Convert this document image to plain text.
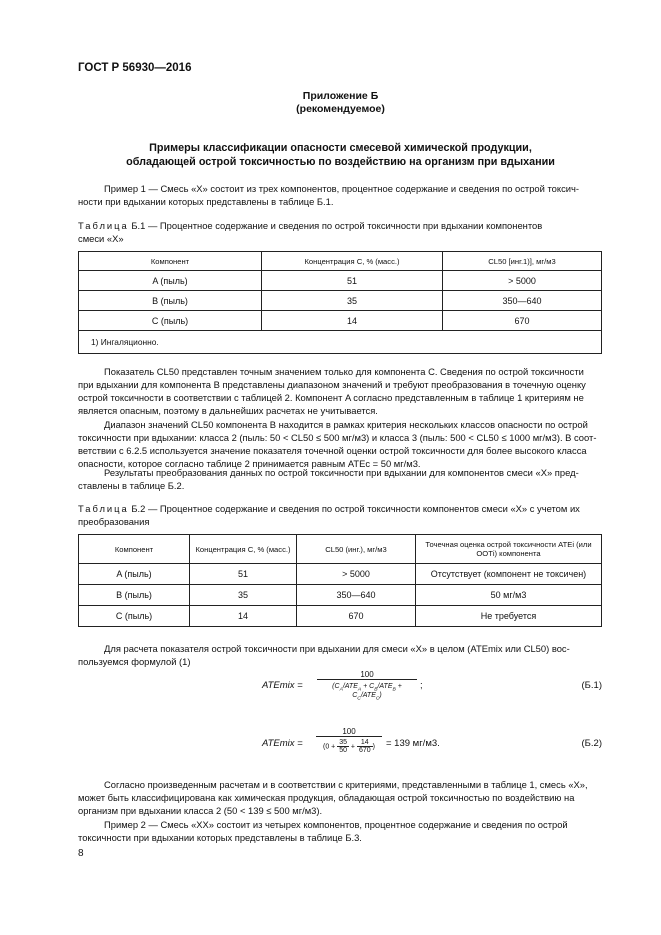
ГОСТ Р 56930—2016
Приложение Б
(рекомендуемое)
Примеры классификации опасности смесевой химической продукции,
обладающей острой токсичностью по воздействию на организм при вдыхании
Пример 1 — Смесь «X» состоит из трех компонентов, процентное содержание и сведения по острой токсич-
ности при вдыхании которых представлены в таблице Б.1.
Таблица Б.1 — Процентное содержание и сведения по острой токсичности при вдыхании компонентов
смеси «X»
Компонент	Концентрация C, % (масс.)	CL50 [инг.1)], мг/м3
A (пыль)	51	> 5000
B (пыль)	35	350—640
C (пыль)	14	670
1) Ингаляционно.		
Показатель CL50 представлен точным значением только для компонента C. Сведения по острой токсичности
при вдыхании для компонента B представлены диапазоном значений и требуют преобразования в точечную оценку
острой токсичности в соответствии с таблицей 2. Компонент A согласно представленным в таблице 1 критериям не
является опасным, поэтому в дальнейших расчетах не учитывается.
Диапазон значений CL50 компонента B находится в рамках критерия нескольких классов опасности по острой
токсичности при вдыхании: класса 2 (пыль: 50 < CL50 ≤ 500 мг/м3) и класса 3 (пыль: 500 < CL50 ≤ 1000 мг/м3). В соот-
ветствии с 6.2.5 используется значение показателя точечной оценки острой токсичности для более высокого класса
опасности, которое согласно таблице 2 принимается равным ATEc = 50 мг/м3.
Результаты преобразования данных по острой токсичности при вдыхании для компонентов смеси «X» пред-
ставлены в таблице Б.2.
Таблица Б.2 — Процентное содержание и сведения по острой токсичности компонентов смеси «X» с учетом их
преобразования
Компонент	Концентрация C, % (масс.)	CL50 (инг.), мг/м3	Точечная оценка острой токсичности ATEi (или ООТi) компонента
A (пыль)	51	> 5000	Отсутствует (компонент не токсичен)
B (пыль)	35	350—640	50 мг/м3
C (пыль)	14	670	Не требуется
Для расчета показателя острой токсичности при вдыхании для смеси «X» в целом (ATEmix или CL50) вос-
пользуемся формулой (1)
ATEmix =
100
$(C_A/ATE_A + C_B/ATE_B + C_C/ATE_C)$
;	(Б.1)
ATEmix = $\frac{100}{(0 + \frac{35}{50} + \frac{14}{670} )} = 139$ мг/м3.	(Б.2)
Согласно произведенным расчетам и в соответствии с критериями, представленными в таблице 1, смесь «X»,
может быть классифицирована как химическая продукция, обладающая острой токсичностью по воздействию на
организм при вдыхании класса 2 (50 < 139 ≤ 500 мг/м3).
Пример 2 — Смесь «XX» состоит из четырех компонентов, процентное содержание и сведения по острой
токсичности при вдыхании которых представлены в таблице Б.3.
8
